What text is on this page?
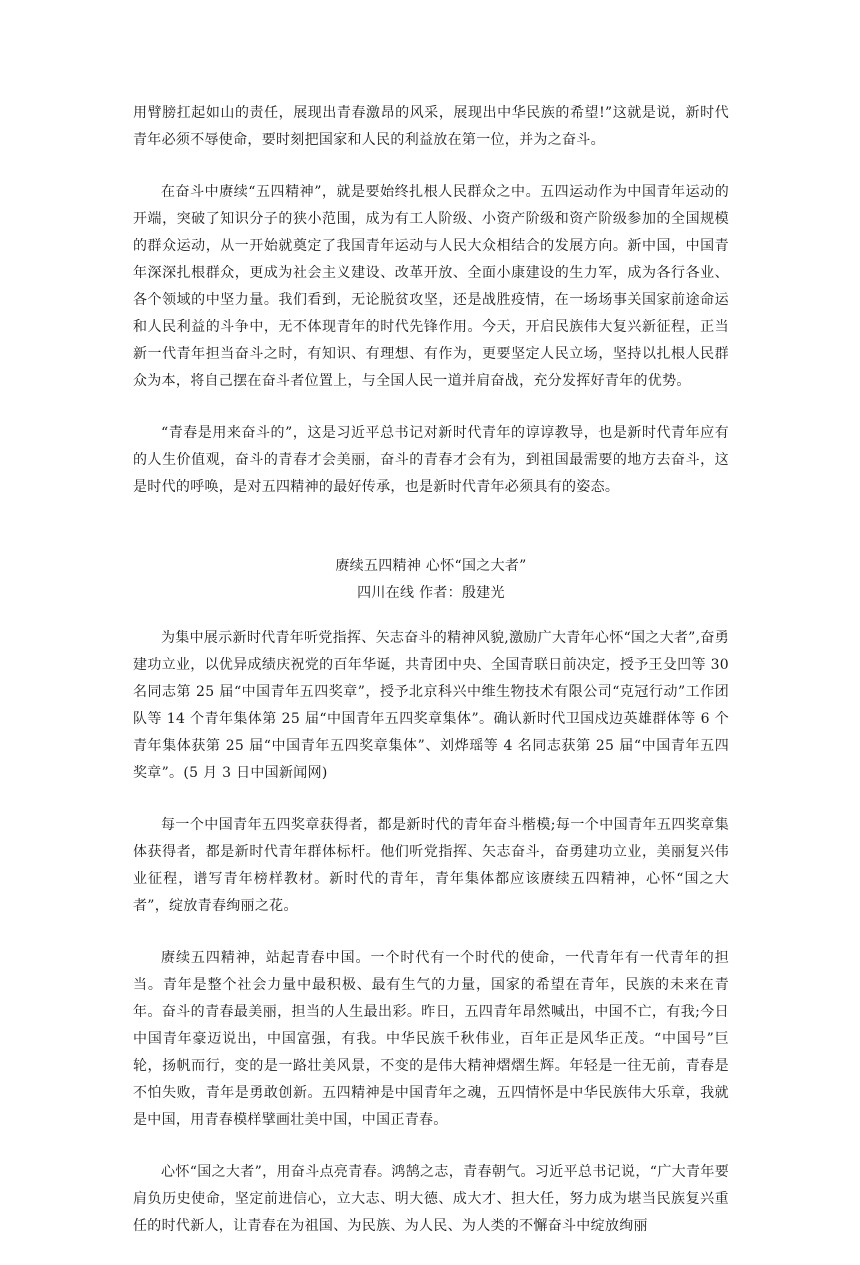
用臂膀扛起如山的责任，展现出青春激昂的风采，展现出中华民族的希望!”这就是说，新时代青年必须不辱使命，要时刻把国家和人民的利益放在第一位，并为之奋斗。

在奋斗中赓续“五四精神”，就是要始终扎根人民群众之中。五四运动作为中国青年运动的开端，突破了知识分子的狭小范围，成为有工人阶级、小资产阶级和资产阶级参加的全国规模的群众运动，从一开始就奠定了我国青年运动与人民大众相结合的发展方向。新中国，中国青年深深扎根群众，更成为社会主义建设、改革开放、全面小康建设的生力军，成为各行各业、各个领域的中坚力量。我们看到，无论脱贫攻坚，还是战胜疫情，在一场场事关国家前途命运和人民利益的斗争中，无不体现青年的时代先锋作用。今天，开启民族伟大复兴新征程，正当新一代青年担当奋斗之时，有知识、有理想、有作为，更要坚定人民立场，坚持以扎根人民群众为本，将自己摆在奋斗者位置上，与全国人民一道并肩奋战，充分发挥好青年的优势。

“青春是用来奋斗的”，这是习近平总书记对新时代青年的谆谆教导，也是新时代青年应有的人生价值观，奋斗的青春才会美丽，奋斗的青春才会有为，到祖国最需要的地方去奋斗，这是时代的呼唤，是对五四精神的最好传承，也是新时代青年必须具有的姿态。

赓续五四精神 心怀“国之大者”
四川在线 作者：殷建光

为集中展示新时代青年听党指挥、矢志奋斗的精神风貌,激励广大青年心怀“国之大者”,奋勇建功立业，以优异成绩庆祝党的百年华诞，共青团中央、全国青联日前决定，授予王殳凹等 30 名同志第 25 届“中国青年五四奖章”，授予北京科兴中维生物技术有限公司“克冠行动”工作团队等 14 个青年集体第 25 届“中国青年五四奖章集体”。确认新时代卫国戍边英雄群体等 6 个青年集体获第 25 届“中国青年五四奖章集体”、刘烨瑶等 4 名同志获第 25 届“中国青年五四奖章”。(5 月 3 日中国新闻网)

每一个中国青年五四奖章获得者，都是新时代的青年奋斗楷模;每一个中国青年五四奖章集体获得者，都是新时代青年群体标杆。他们听党指挥、矢志奋斗，奋勇建功立业，美丽复兴伟业征程，谱写青年榜样教材。新时代的青年，青年集体都应该赓续五四精神，心怀“国之大者”，绽放青春绚丽之花。

赓续五四精神，站起青春中国。一个时代有一个时代的使命，一代青年有一代青年的担当。青年是整个社会力量中最积极、最有生气的力量，国家的希望在青年，民族的未来在青年。奋斗的青春最美丽，担当的人生最出彩。昨日，五四青年昂然喊出，中国不亡，有我;今日中国青年豪迈说出，中国富强，有我。中华民族千秋伟业，百年正是风华正茂。“中国号”巨轮，扬帆而行，变的是一路壮美风景，不变的是伟大精神熠熠生辉。年轻是一往无前，青春是不怕失败，青年是勇敢创新。五四精神是中国青年之魂，五四情怀是中华民族伟大乐章，我就是中国，用青春模样擘画壮美中国，中国正青春。

心怀“国之大者”，用奋斗点亮青春。鸿鹄之志，青春朝气。习近平总书记说，“广大青年要肩负历史使命，坚定前进信心，立大志、明大德、成大才、担大任，努力成为堪当民族复兴重任的时代新人，让青春在为祖国、为民族、为人民、为人类的不懈奋斗中绽放绚丽
